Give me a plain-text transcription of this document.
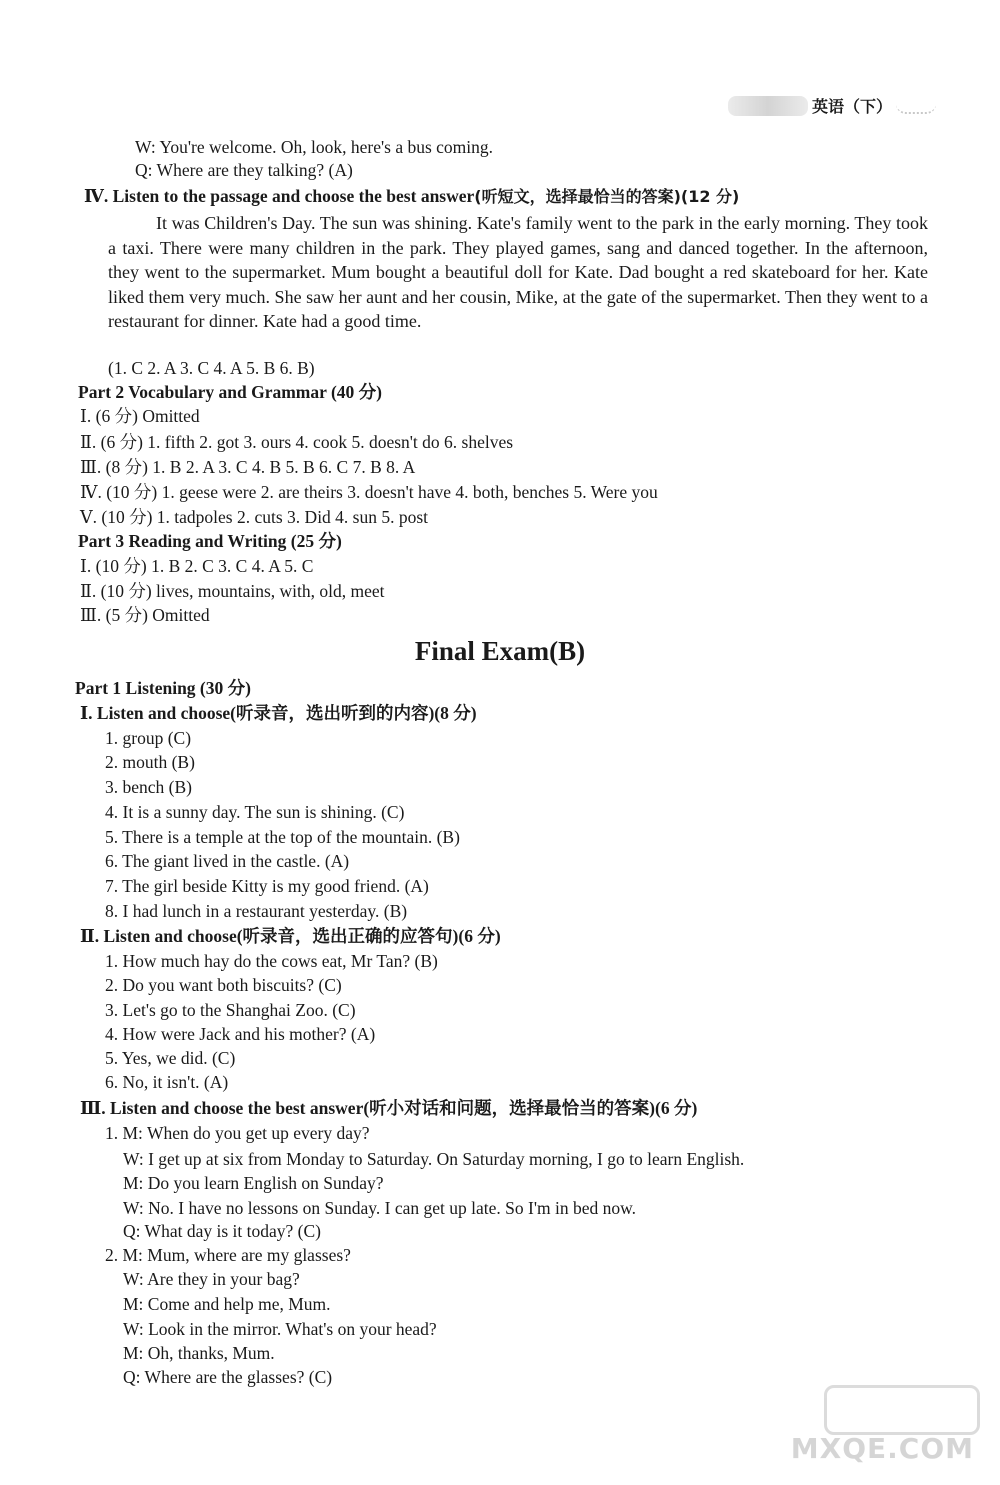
英语（下）
W: You're welcome. Oh, look, here's a bus coming.
Q: Where are they talking? (A)
Ⅳ. Listen to the passage and choose the best answer(听短文，选择最恰当的答案)(12 分)
It was Children's Day. The sun was shining. Kate's family went to the park in the early morning. They took a taxi. There were many children in the park. They played games, sang and danced together. In the afternoon, they went to the supermarket. Mum bought a beautiful doll for Kate. Dad bought a red skateboard for her. Kate liked them very much. She saw her aunt and her cousin, Mike, at the gate of the supermarket. Then they went to a restaurant for dinner. Kate had a good time.
(1. C 2. A 3. C 4. A 5. B 6. B)
Part 2 Vocabulary and Grammar (40 分)
Ⅰ. (6 分) Omitted
Ⅱ. (6 分) 1. fifth 2. got 3. ours 4. cook 5. doesn't do 6. shelves
Ⅲ. (8 分) 1. B 2. A 3. C 4. B 5. B 6. C 7. B 8. A
Ⅳ. (10 分) 1. geese were 2. are theirs 3. doesn't have 4. both, benches 5. Were you
Ⅴ. (10 分) 1. tadpoles 2. cuts 3. Did 4. sun 5. post
Part 3 Reading and Writing (25 分)
Ⅰ. (10 分) 1. B 2. C 3. C 4. A 5. C
Ⅱ. (10 分) lives, mountains, with, old, meet
Ⅲ. (5 分) Omitted
Final Exam(B)
Part 1 Listening (30 分)
Ⅰ. Listen and choose(听录音，选出听到的内容)(8 分)
1. group (C)
2. mouth (B)
3. bench (B)
4. It is a sunny day. The sun is shining. (C)
5. There is a temple at the top of the mountain. (B)
6. The giant lived in the castle. (A)
7. The girl beside Kitty is my good friend. (A)
8. I had lunch in a restaurant yesterday. (B)
Ⅱ. Listen and choose(听录音，选出正确的应答句)(6 分)
1. How much hay do the cows eat, Mr Tan? (B)
2. Do you want both biscuits? (C)
3. Let's go to the Shanghai Zoo. (C)
4. How were Jack and his mother? (A)
5. Yes, we did. (C)
6. No, it isn't. (A)
Ⅲ. Listen and choose the best answer(听小对话和问题，选择最恰当的答案)(6 分)
1. M: When do you get up every day?
W: I get up at six from Monday to Saturday. On Saturday morning, I go to learn English.
M: Do you learn English on Sunday?
W: No. I have no lessons on Sunday. I can get up late. So I'm in bed now.
Q: What day is it today? (C)
2. M: Mum, where are my glasses?
W: Are they in your bag?
M: Come and help me, Mum.
W: Look in the mirror. What's on your head?
M: Oh, thanks, Mum.
Q: Where are the glasses? (C)
MXQE.COM
